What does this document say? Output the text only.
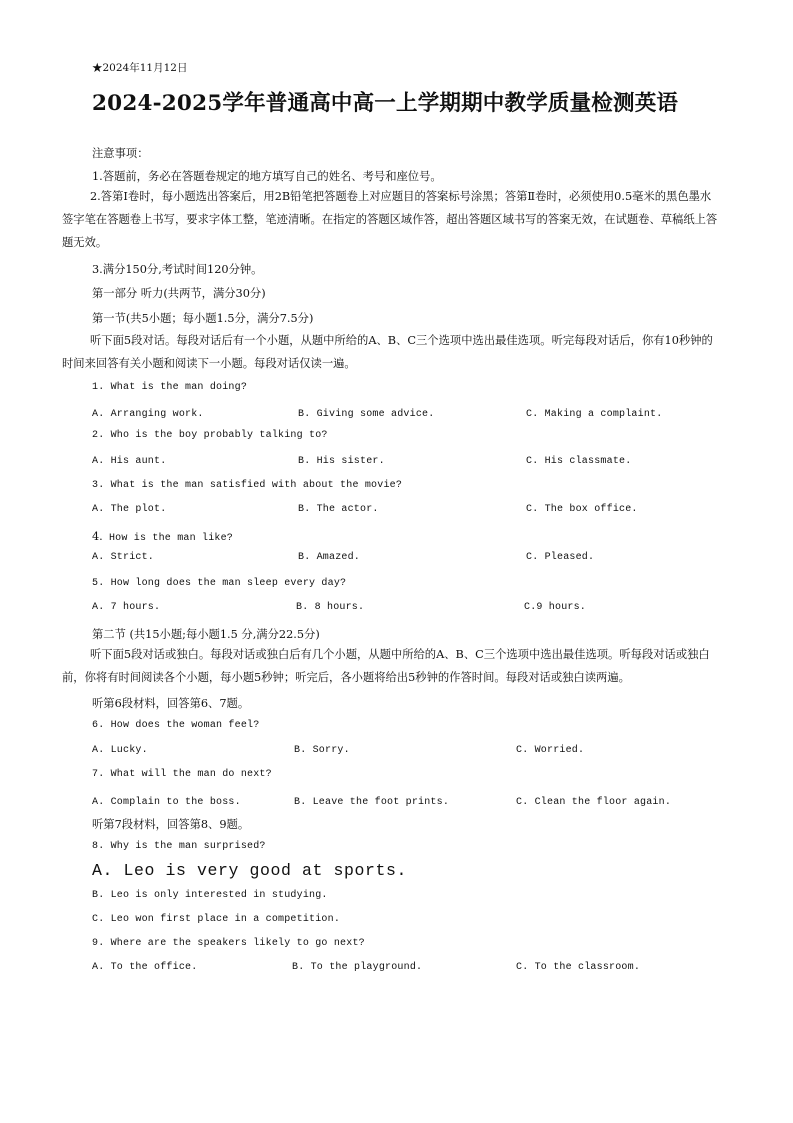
★2024年11月12日
2024-2025学年普通高中高一上学期期中教学质量检测英语
注意事项：
1.答题前，务必在答题卷规定的地方填写自己的姓名、考号和座位号。
2.答第Ⅰ卷时，每小题选出答案后，用2B铅笔把答题卷上对应题目的答案标号涂黑；答第Ⅱ卷时，必须使用0.5毫米的黑色墨水签字笔在答题卷上书写，要求字体工整，笔迹清晰。在指定的答题区域作答，超出答题区域书写的答案无效，在试题卷、草稿纸上答题无效。
3.满分150分,考试时间120分钟。
第一部分 听力(共两节，满分30分)
第一节(共5小题；每小题1.5分，满分7.5分)
听下面5段对话。每段对话后有一个小题，从题中所给的A、B、C三个选项中选出最佳选项。听完每段对话后，你有10秒钟的时间来回答有关小题和阅读下一小题。每段对话仅读一遍。
1. What is the man doing?
A. Arranging work.	B. Giving some advice.	C. Making a complaint.
2. Who is the boy probably talking to?
A. His aunt.	B. His sister.	C. His classmate.
3. What is the man satisfied with about the movie?
A. The plot.	B. The actor.	C. The box office.
4. How is the man like?
A. Strict.	B. Amazed.	C. Pleased.
5. How long does the man sleep every day?
A. 7 hours.	B. 8 hours.	C.9 hours.
第二节 (共15小题;每小题1.5 分,满分22.5分)
听下面5段对话或独白。每段对话或独白后有几个小题，从题中所给的A、B、C三个选项中选出最佳选项。听每段对话或独白前，你将有时间阅读各个小题，每小题5秒钟；听完后，各小题将给出5秒钟的作答时间。每段对话或独白读两遍。
听第6段材料，回答第6、7题。
6. How does the woman feel?
A. Lucky.	B. Sorry.	C. Worried.
7. What will the man do next?
A. Complain to the boss.	B. Leave the foot prints.	C. Clean the floor again.
听第7段材料，回答第8、9题。
8. Why is the man surprised?
A. Leo is very good at sports.
B. Leo is only interested in studying.
C. Leo won first place in a competition.
9. Where are the speakers likely to go next?
A. To the office.	B. To the playground.	C. To the classroom.
